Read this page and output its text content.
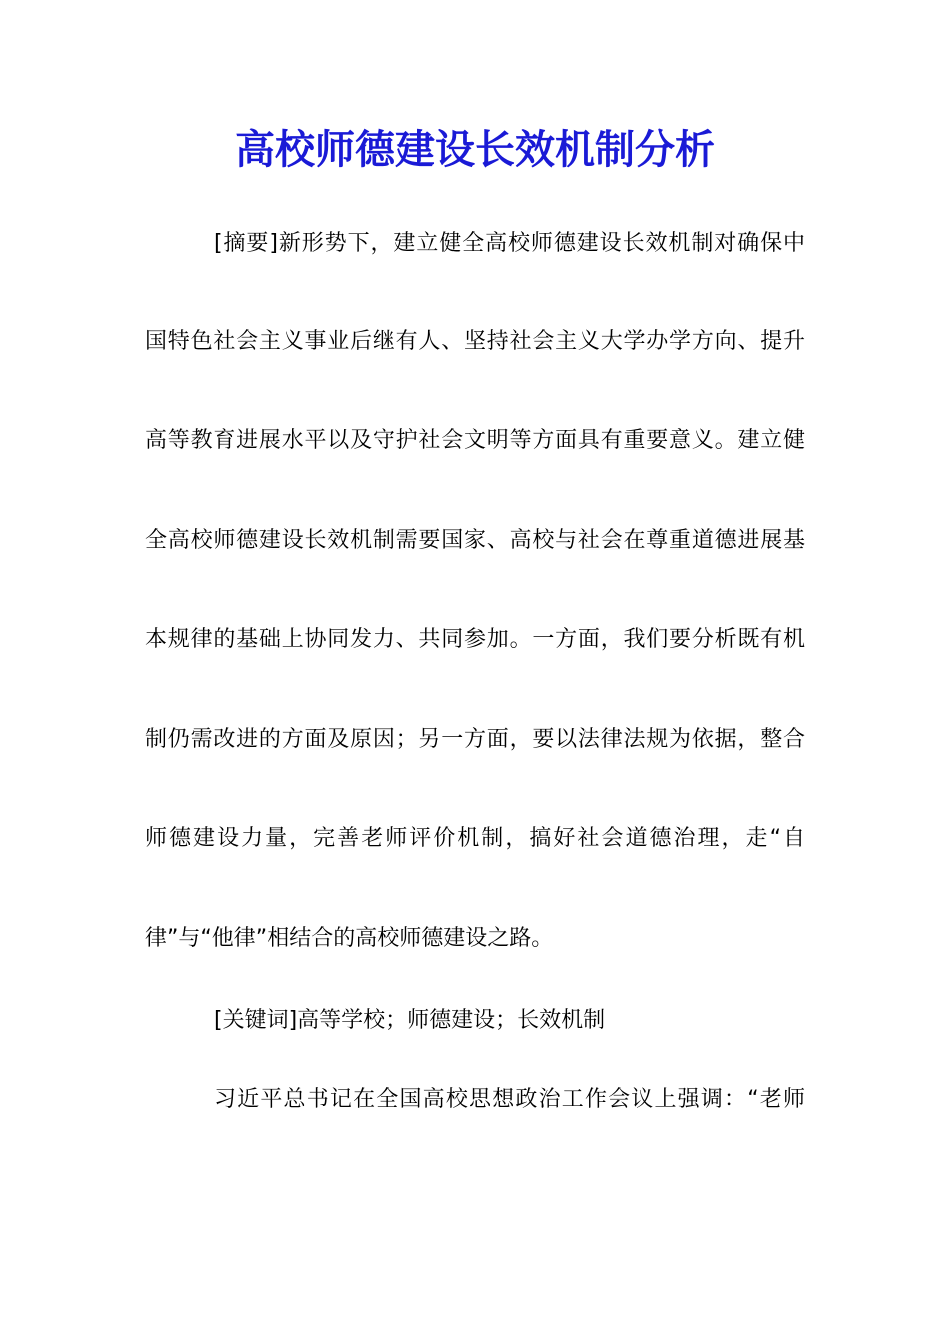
高校师德建设长效机制分析
[摘要]新形势下，建立健全高校师德建设长效机制对确保中
国特色社会主义事业后继有人、坚持社会主义大学办学方向、提升
高等教育进展水平以及守护社会文明等方面具有重要意义。建立健
全高校师德建设长效机制需要国家、高校与社会在尊重道德进展基
本规律的基础上协同发力、共同参加。一方面，我们要分析既有机
制仍需改进的方面及原因；另一方面，要以法律法规为依据，整合
师德建设力量，完善老师评价机制，搞好社会道德治理，走“自
律”与“他律”相结合的高校师德建设之路。
[关键词]高等学校；师德建设；长效机制
习近平总书记在全国高校思想政治工作会议上强调：“老师
